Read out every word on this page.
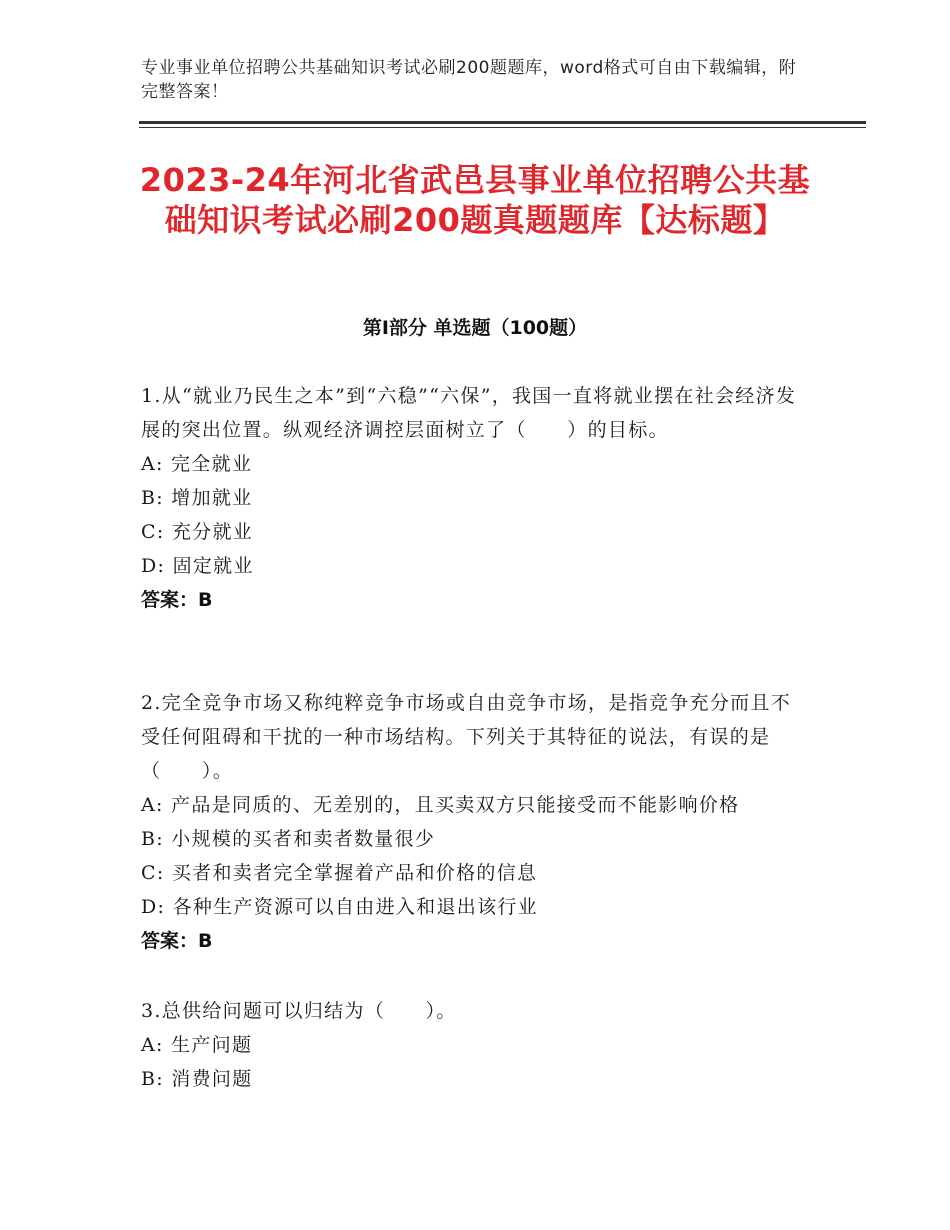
专业事业单位招聘公共基础知识考试必刷200题题库，word格式可自由下载编辑，附完整答案！
2023-24年河北省武邑县事业单位招聘公共基础知识考试必刷200题真题题库【达标题】
第I部分 单选题（100题）
1.从“就业乃民生之本”到“六稳”“六保”，我国一直将就业摆在社会经济发展的突出位置。纵观经济调控层面树立了（　　）的目标。
A: 完全就业
B: 增加就业
C: 充分就业
D: 固定就业
答案：B
2.完全竞争市场又称纯粹竞争市场或自由竞争市场，是指竞争充分而且不受任何阻碍和干扰的一种市场结构。下列关于其特征的说法，有误的是（　　）。
A: 产品是同质的、无差别的，且买卖双方只能接受而不能影响价格
B: 小规模的买者和卖者数量很少
C: 买者和卖者完全掌握着产品和价格的信息
D: 各种生产资源可以自由进入和退出该行业
答案：B
3.总供给问题可以归结为（　　）。
A: 生产问题
B: 消费问题
